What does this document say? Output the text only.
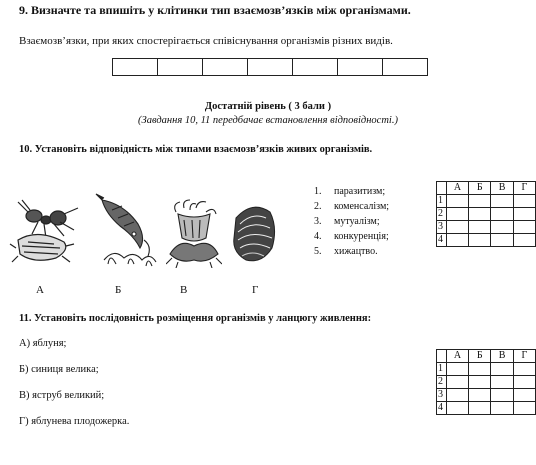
9. Визначте та впишіть у клітинки тип взаємозв’язків між організмами.
Взаємозв’язки, при яких спостерігається співіснування організмів різних видів.
Достатній рівень ( 3 бали )
(Завдання 10, 11 передбачає встановлення відповідності.)
10. Установіть відповідність між типами взаємозв’язків живих організмів.
А	Б	В	Г
1. паразитизм;
2. коменсалізм;
3. мутуалізм;
4. конкуренція;
5. хижацтво.
	А	Б	В	Г
1				
2				
3				
4				
11. Установіть послідовність розміщення організмів у ланцюгу живлення:
А) яблуня;
Б) синиця велика;
В) яструб великий;
Г) яблунева плодожерка.
	А	Б	В	Г
1				
2				
3				
4				
